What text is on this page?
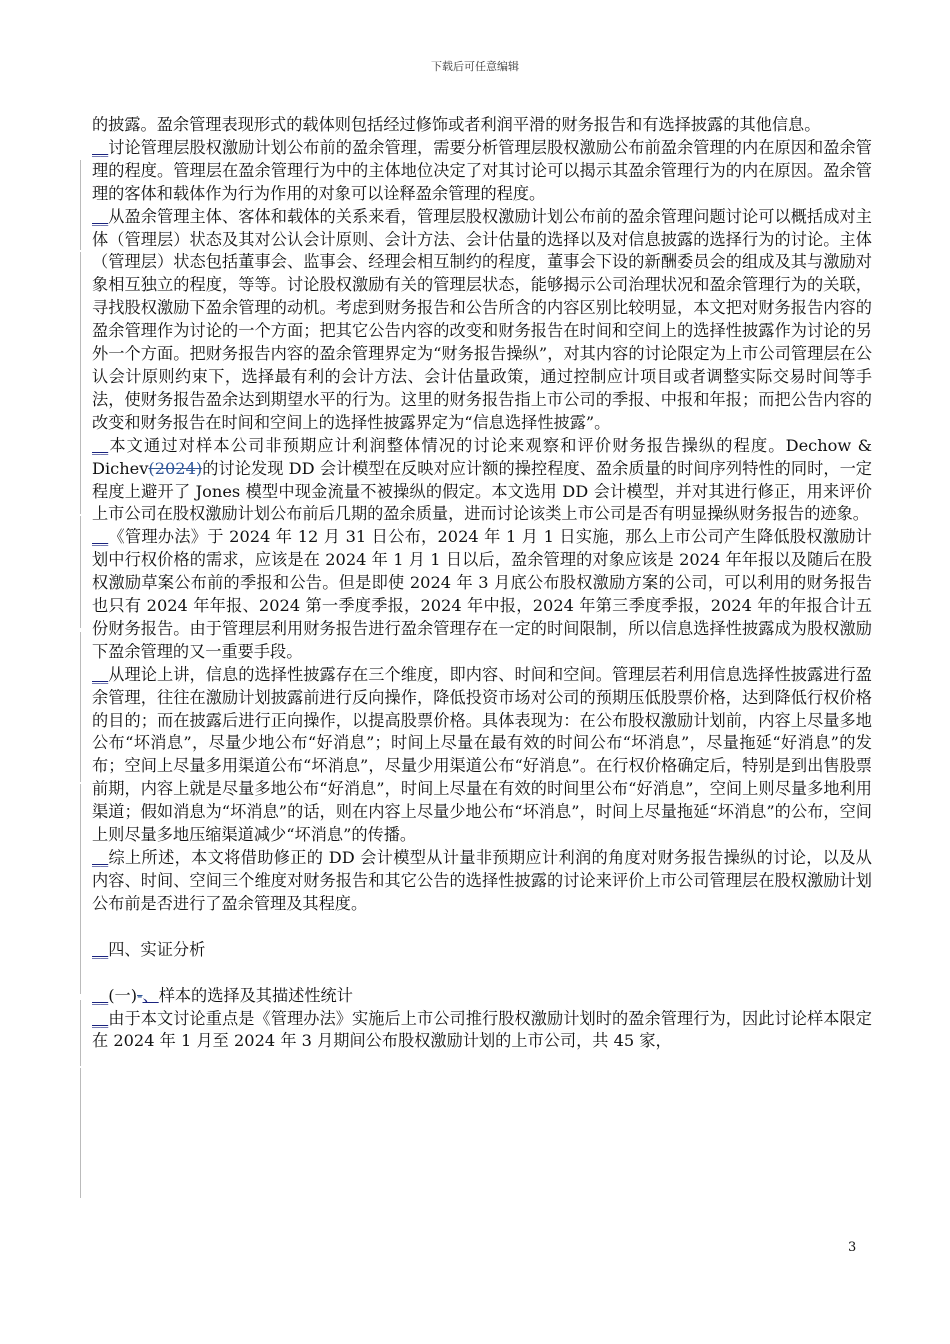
下载后可任意编辑

的披露。盈余管理表现形式的载体则包括经过修饰或者利润平滑的财务报告和有选择披露的其他信息。

__讨论管理层股权激励计划公布前的盈余管理，需要分析管理层股权激励公布前盈余管理的内在原因和盈余管理的程度。管理层在盈余管理行为中的主体地位决定了对其讨论可以揭示其盈余管理行为的内在原因。盈余管理的客体和载体作为行为作用的对象可以诠释盈余管理的程度。

__从盈余管理主体、客体和载体的关系来看，管理层股权激励计划公布前的盈余管理问题讨论可以概括成对主体（管理层）状态及其对公认会计原则、会计方法、会计估量的选择以及对信息披露的选择行为的讨论。主体（管理层）状态包括董事会、监事会、经理会相互制约的程度，董事会下设的新酬委员会的组成及其与激励对象相互独立的程度，等等。讨论股权激励有关的管理层状态，能够揭示公司治理状况和盈余管理行为的关联，寻找股权激励下盈余管理的动机。考虑到财务报告和公告所含的内容区别比较明显，本文把对财务报告内容的盈余管理作为讨论的一个方面；把其它公告内容的改变和财务报告在时间和空间上的选择性披露作为讨论的另外一个方面。把财务报告内容的盈余管理界定为“财务报告操纵”，对其内容的讨论限定为上市公司管理层在公认会计原则约束下，选择最有利的会计方法、会计估量政策，通过控制应计项目或者调整实际交易时间等手法，使财务报告盈余达到期望水平的行为。这里的财务报告指上市公司的季报、中报和年报；而把公告内容的改变和财务报告在时间和空间上的选择性披露界定为“信息选择性披露”。

__本文通过对样本公司非预期应计利润整体情况的讨论来观察和评价财务报告操纵的程度。Dechow & Dichev(2024)的讨论发现 DD 会计模型在反映对应计额的操控程度、盈余质量的时间序列特性的同时，一定程度上避开了 Jones 模型中现金流量不被操纵的假定。本文选用 DD 会计模型，并对其进行修正，用来评价上市公司在股权激励计划公布前后几期的盈余质量，进而讨论该类上市公司是否有明显操纵财务报告的迹象。

__《管理办法》于 2024 年 12 月 31 日公布，2024 年 1 月 1 日实施，那么上市公司产生降低股权激励计划中行权价格的需求，应该是在 2024 年 1 月 1 日以后，盈余管理的对象应该是 2024 年年报以及随后在股权激励草案公布前的季报和公告。但是即使 2024 年 3 月底公布股权激励方案的公司，可以利用的财务报告也只有 2024 年年报、2024 第一季度季报，2024 年中报，2024 年第三季度季报，2024 年的年报合计五份财务报告。由于管理层利用财务报告进行盈余管理存在一定的时间限制，所以信息选择性披露成为股权激励下盈余管理的又一重要手段。

__从理论上讲，信息的选择性披露存在三个维度，即内容、时间和空间。管理层若利用信息选择性披露进行盈余管理，往往在激励计划披露前进行反向操作，降低投资市场对公司的预期压低股票价格，达到降低行权价格的目的；而在披露后进行正向操作，以提高股票价格。具体表现为：在公布股权激励计划前，内容上尽量多地公布“坏消息”，尽量少地公布“好消息”；时间上尽量在最有效的时间公布“坏消息”，尽量拖延“好消息”的发布；空间上尽量多用渠道公布“坏消息”，尽量少用渠道公布“好消息”。在行权价格确定后，特别是到出售股票前期，内容上就是尽量多地公布“好消息”，时间上尽量在有效的时间里公布“好消息”，空间上则尽量多地利用渠道；假如消息为“坏消息”的话，则在内容上尽量少地公布“坏消息”，时间上尽量拖延“坏消息”的公布，空间上则尽量多地压缩渠道减少“坏消息”的传播。

__综上所述，本文将借助修正的 DD 会计模型从计量非预期应计利润的角度对财务报告操纵的讨论，以及从内容、时间、空间三个维度对财务报告和其它公告的选择性披露的讨论来评价上市公司管理层在股权激励计划公布前是否进行了盈余管理及其程度。

__四、实证分析

__(一)-、样本的选择及其描述性统计

__由于本文讨论重点是《管理办法》实施后上市公司推行股权激励计划时的盈余管理行为，因此讨论样本限定在 2024 年 1 月至 2024 年 3 月期间公布股权激励计划的上市公司，共 45 家，

3
